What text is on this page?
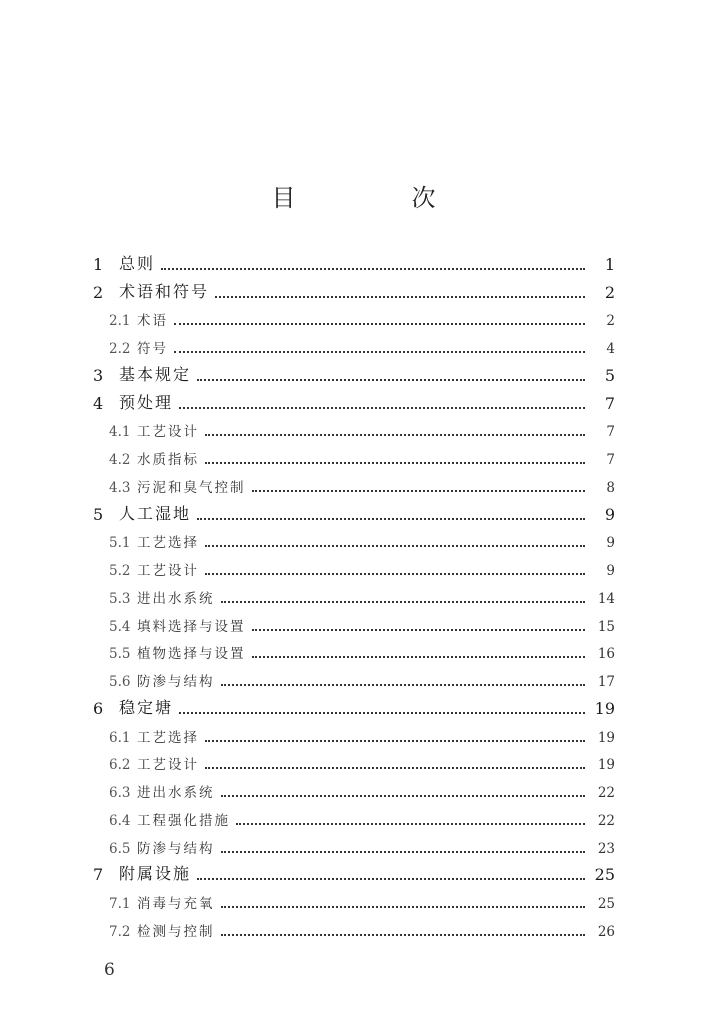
目　次
1 总则	1
2 术语和符号	2
2.1 术语	2
2.2 符号	4
3 基本规定	5
4 预处理	7
4.1 工艺设计	7
4.2 水质指标	7
4.3 污泥和臭气控制	8
5 人工湿地	9
5.1 工艺选择	9
5.2 工艺设计	9
5.3 进出水系统	14
5.4 填料选择与设置	15
5.5 植物选择与设置	16
5.6 防渗与结构	17
6 稳定塘	19
6.1 工艺选择	19
6.2 工艺设计	19
6.3 进出水系统	22
6.4 工程强化措施	22
6.5 防渗与结构	23
7 附属设施	25
7.1 消毒与充氧	25
7.2 检测与控制	26
6
